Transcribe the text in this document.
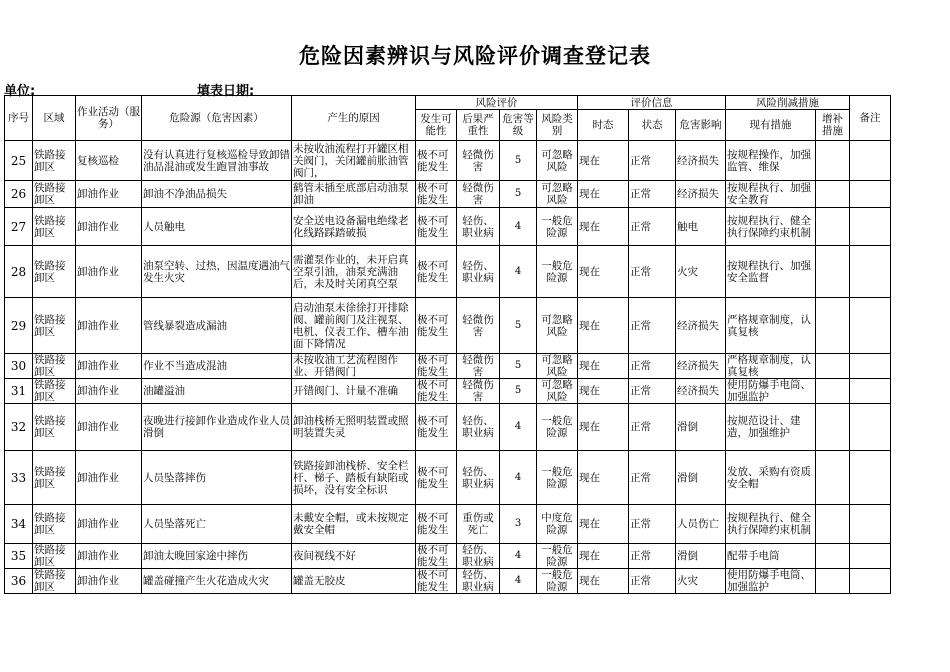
危险因素辨识与风险评价调查登记表
单位:	填表日期:
序号	区域	作业活动（服务）	危险源（危害因素）	产生的原因	风险评价				评价信息			风险削减措施		备注
					发生可能性	后果严重性	危害等级	风险类别	时态	状态	危害影响	现有措施	增补措施	
25	铁路接卸区	复核巡检	没有认真进行复核巡检导致卸错油品混油或发生跑冒油事故	未按收油流程打开罐区相关阀门，关闭罐前胀油管阀门，	极不可能发生	轻微伤害	5	可忽略风险	现在	正常	经济损失	按规程操作，加强监管、维保		
26	铁路接卸区	卸油作业	卸油不净油品损失	鹤管未插至底部启动油泵卸油	极不可能发生	轻微伤害	5	可忽略风险	现在	正常	经济损失	按规程执行、加强安全教育		
27	铁路接卸区	卸油作业	人员触电	安全送电设备漏电绝缘老化线路踩踏破损	极不可能发生	轻伤、职业病	4	一般危险源	现在	正常	触电	按规程执行、健全执行保障约束机制		
28	铁路接卸区	卸油作业	油泵空转、过热，因温度遇油气发生火灾	需灌泵作业的，未开启真空泵引油，油泵充满油后，未及时关闭真空泵	极不可能发生	轻伤、职业病	4	一般危险源	现在	正常	火灾	按规程执行、加强安全监督		
29	铁路接卸区	卸油作业	管线暴裂造成漏油	启动油泵未徐徐打开排除阀、罐前阀门及注视泵、电机、仪表工作、槽车油面下降情况	极不可能发生	轻微伤害	5	可忽略风险	现在	正常	经济损失	严格规章制度，认真复核		
30	铁路接卸区	卸油作业	作业不当造成混油	未按收油工艺流程图作业、开错阀门	极不可能发生	轻微伤害	5	可忽略风险	现在	正常	经济损失	严格规章制度，认真复核		
31	铁路接卸区	卸油作业	油罐溢油	开错阀门、计量不准确	极不可能发生	轻微伤害	5	可忽略风险	现在	正常	经济损失	使用防爆手电筒、加强监护		
32	铁路接卸区	卸油作业	夜晚进行接卸作业造成作业人员滑倒	卸油栈桥无照明装置或照明装置失灵	极不可能发生	轻伤、职业病	4	一般危险源	现在	正常	滑倒	按规范设计、建造，加强维护		
33	铁路接卸区	卸油作业	人员坠落摔伤	铁路接卸油栈桥、安全栏杆、梯子、踏板有缺陷或损坏，没有安全标识	极不可能发生	轻伤、职业病	4	一般危险源	现在	正常	滑倒	发放、采购有资质安全帽		
34	铁路接卸区	卸油作业	人员坠落死亡	未戴安全帽，或未按规定戴安全帽	极不可能发生	重伤或死亡	3	中度危险源	现在	正常	人员伤亡	按规程执行、健全执行保障约束机制		
35	铁路接卸区	卸油作业	卸油太晚回家途中摔伤	夜间视线不好	极不可能发生	轻伤、职业病	4	一般危险源	现在	正常	滑倒	配带手电筒		
36	铁路接卸区	卸油作业	罐盖碰撞产生火花造成火灾	罐盖无胶皮	极不可能发生	轻伤、职业病	4	一般危险源	现在	正常	火灾	使用防爆手电筒、加强监护		
